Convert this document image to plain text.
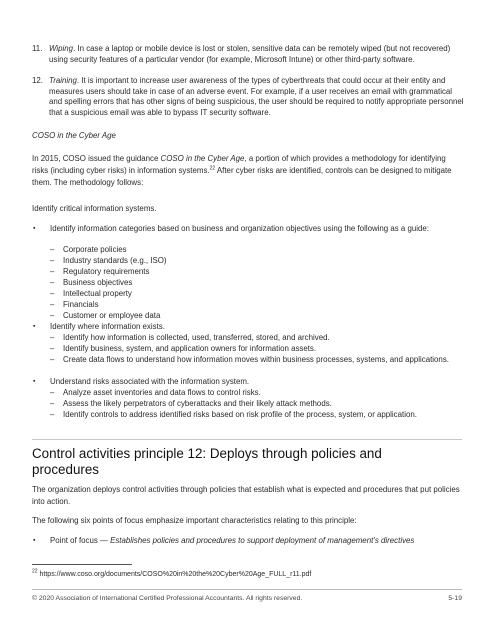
11. Wiping. In case a laptop or mobile device is lost or stolen, sensitive data can be remotely wiped (but not recovered) using security features of a particular vendor (for example, Microsoft Intune) or other third-party software.
12. Training. It is important to increase user awareness of the types of cyberthreats that could occur at their entity and measures users should take in case of an adverse event. For example, if a user receives an email with grammatical and spelling errors that has other signs of being suspicious, the user should be required to notify appropriate personnel that a suspicious email was able to bypass IT security software.
COSO in the Cyber Age
In 2015, COSO issued the guidance COSO in the Cyber Age, a portion of which provides a methodology for identifying risks (including cyber risks) in information systems.$^{22}$ After cyber risks are identified, controls can be designed to mitigate them. The methodology follows:
Identify critical information systems.
▪ Identify information categories based on business and organization objectives using the following as a guide:
– Corporate policies
– Industry standards (e.g., ISO)
– Regulatory requirements
– Business objectives
– Intellectual property
– Financials
– Customer or employee data
▪ Identify where information exists.
– Identify how information is collected, used, transferred, stored, and archived.
– Identify business, system, and application owners for information assets.
– Create data flows to understand how information moves within business processes, systems, and applications.
▪ Understand risks associated with the information system.
– Analyze asset inventories and data flows to control risks.
– Assess the likely perpetrators of cyberattacks and their likely attack methods.
– Identify controls to address identified risks based on risk profile of the process, system, or application.
Control activities principle 12: Deploys through policies and procedures
The organization deploys control activities through policies that establish what is expected and procedures that put policies into action.
The following six points of focus emphasize important characteristics relating to this principle:
▪ Point of focus — Establishes policies and procedures to support deployment of management’s directives
$^{22}$ https://www.coso.org/documents/COSO%20in%20the%20Cyber%20Age_FULL_r11.pdf
© 2020 Association of International Certified Professional Accountants. All rights reserved.	5-19
